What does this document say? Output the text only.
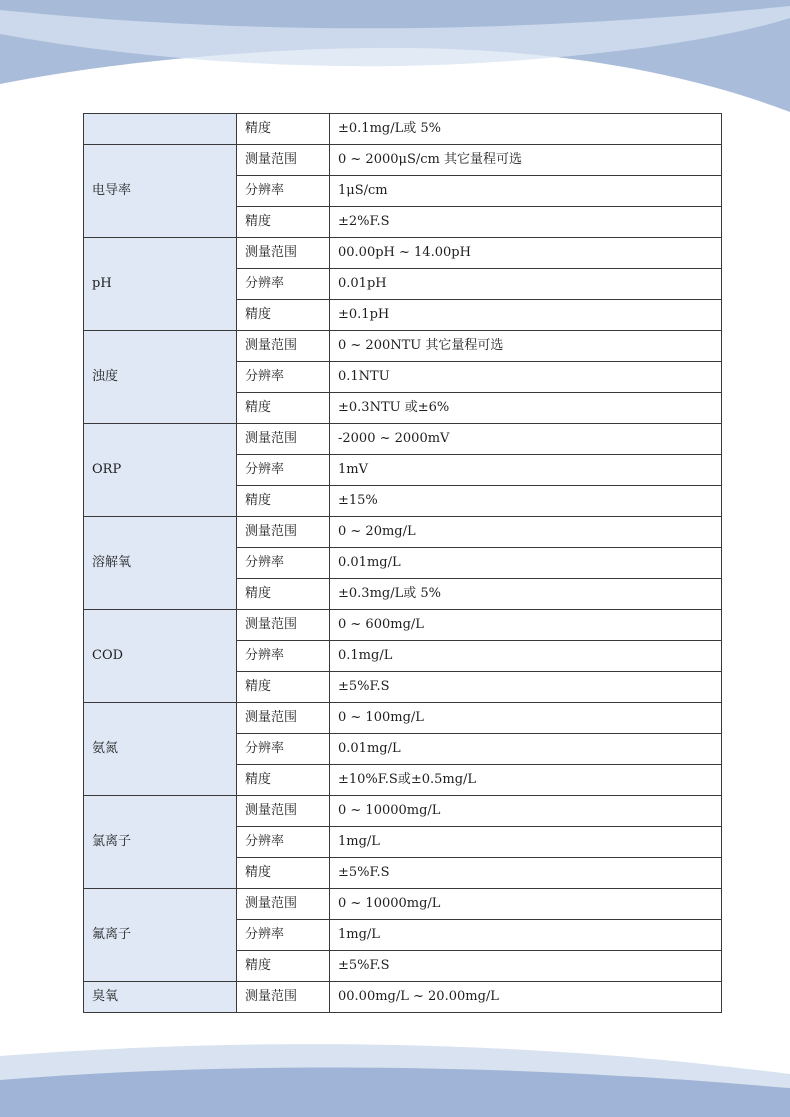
	精度	±0.1mg/L或 5%
电导率	测量范围	0 ~ 2000μS/cm 其它量程可选
	分辨率	1μS/cm
	精度	±2%F.S
pH	测量范围	00.00pH ~ 14.00pH
	分辨率	0.01pH
	精度	±0.1pH
浊度	测量范围	0 ~ 200NTU 其它量程可选
	分辨率	0.1NTU
	精度	±0.3NTU 或±6%
ORP	测量范围	-2000 ~ 2000mV
	分辨率	1mV
	精度	±15%
溶解氧	测量范围	0 ~ 20mg/L
	分辨率	0.01mg/L
	精度	±0.3mg/L或 5%
COD	测量范围	0 ~ 600mg/L
	分辨率	0.1mg/L
	精度	±5%F.S
氨氮	测量范围	0 ~ 100mg/L
	分辨率	0.01mg/L
	精度	±10%F.S或±0.5mg/L
氯离子	测量范围	0 ~ 10000mg/L
	分辨率	1mg/L
	精度	±5%F.S
氟离子	测量范围	0 ~ 10000mg/L
	分辨率	1mg/L
	精度	±5%F.S
臭氧	测量范围	00.00mg/L ~ 20.00mg/L
